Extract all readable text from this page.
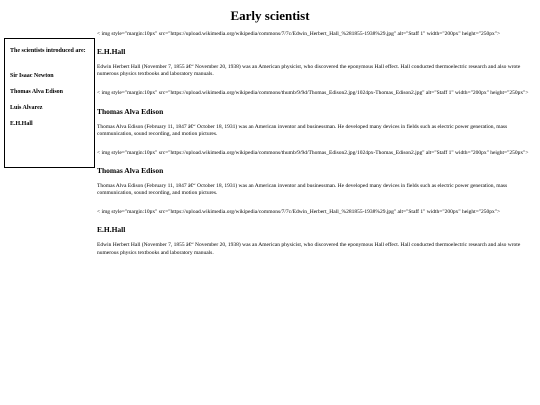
Early scientist
The scientists introduced are:
Sir Isaac Newton
Thomas Alva Edison
Luis Alvarez
E.H.Hall
< img style="margin:10px" src="https://upload.wikimedia.org/wikipedia/commons/7/7c/Edwin_Herbert_Hall_%281855-1938%29.jpg" alt="Staff 1" width="200px" height="250px">
E.H.Hall
Edwin Herbert Hall (November 7, 1855 â€“ November 20, 1938) was an American physicist, who discovered the eponymous Hall effect. Hall conducted thermoelectric research and also wrote numerous physics textbooks and laboratory manuals.
< img style="margin:10px" src="https://upload.wikimedia.org/wikipedia/commons/thumb/9/9d/Thomas_Edison2.jpg/1024px-Thomas_Edison2.jpg" alt="Staff 1" width="200px" height="250px">
Thomas Alva Edison
Thomas Alva Edison (February 11, 1847 â€“ October 18, 1931) was an American inventor and businessman. He developed many devices in fields such as electric power generation, mass communication, sound recording, and motion pictures.
< img style="margin:10px" src="https://upload.wikimedia.org/wikipedia/commons/thumb/9/9d/Thomas_Edison2.jpg/1024px-Thomas_Edison2.jpg" alt="Staff 1" width="200px" height="250px">
Thomas Alva Edison
Thomas Alva Edison (February 11, 1847 â€“ October 18, 1931) was an American inventor and businessman. He developed many devices in fields such as electric power generation, mass communication, sound recording, and motion pictures.
< img style="margin:10px" src="https://upload.wikimedia.org/wikipedia/commons/7/7c/Edwin_Herbert_Hall_%281855-1938%29.jpg" alt="Staff 1" width="200px" height="250px">
E.H.Hall
Edwin Herbert Hall (November 7, 1855 â€“ November 20, 1938) was an American physicist, who discovered the eponymous Hall effect. Hall conducted thermoelectric research and also wrote numerous physics textbooks and laboratory manuals.
